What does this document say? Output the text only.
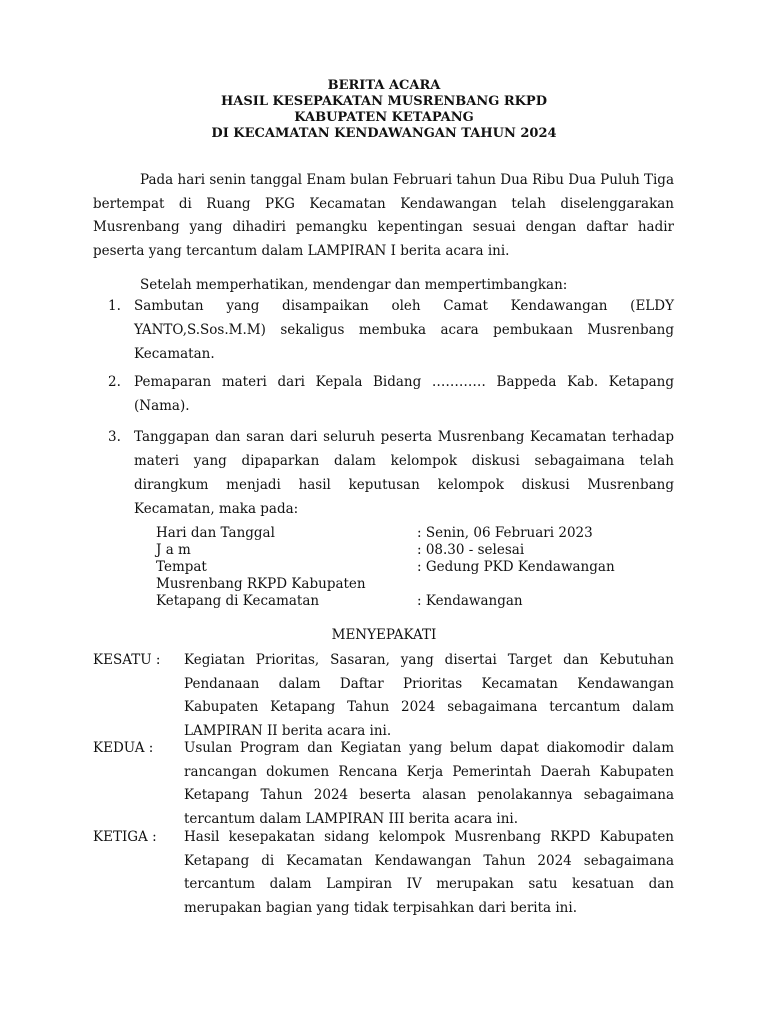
BERITA ACARA
HASIL KESEPAKATAN MUSRENBANG RKPD
KABUPATEN KETAPANG
DI KECAMATAN KENDAWANGAN TAHUN 2024

Pada hari senin tanggal Enam bulan Februari tahun Dua Ribu Dua Puluh Tiga bertempat di Ruang PKG Kecamatan Kendawangan telah diselenggarakan Musrenbang yang dihadiri pemangku kepentingan sesuai dengan daftar hadir peserta yang tercantum dalam LAMPIRAN I berita acara ini.

Setelah memperhatikan, mendengar dan mempertimbangkan:

1. Sambutan yang disampaikan oleh Camat Kendawangan (ELDY YANTO,S.Sos.M.M) sekaligus membuka acara pembukaan Musrenbang Kecamatan.
2. Pemaparan materi dari Kepala Bidang ………… Bappeda Kab. Ketapang (Nama).
3. Tanggapan dan saran dari seluruh peserta Musrenbang Kecamatan terhadap materi yang dipaparkan dalam kelompok diskusi sebagaimana telah dirangkum menjadi hasil keputusan kelompok diskusi Musrenbang Kecamatan, maka pada:
Hari dan Tanggal	: Senin, 06 Februari 2023
J a m	: 08.30 - selesai
Tempat	: Gedung PKD Kendawangan
Musrenbang RKPD Kabupaten
Ketapang di Kecamatan	: Kendawangan
MENYEPAKATI
KESATU : Kegiatan Prioritas, Sasaran, yang disertai Target dan Kebutuhan Pendanaan dalam Daftar Prioritas Kecamatan Kendawangan Kabupaten Ketapang Tahun 2024 sebagaimana tercantum dalam LAMPIRAN II berita acara ini.
KEDUA : Usulan Program dan Kegiatan yang belum dapat diakomodir dalam rancangan dokumen Rencana Kerja Pemerintah Daerah Kabupaten Ketapang Tahun 2024 beserta alasan penolakannya sebagaimana tercantum dalam LAMPIRAN III berita acara ini.
KETIGA : Hasil kesepakatan sidang kelompok Musrenbang RKPD Kabupaten Ketapang di Kecamatan Kendawangan Tahun 2024 sebagaimana tercantum dalam Lampiran IV merupakan satu kesatuan dan merupakan bagian yang tidak terpisahkan dari berita ini.
